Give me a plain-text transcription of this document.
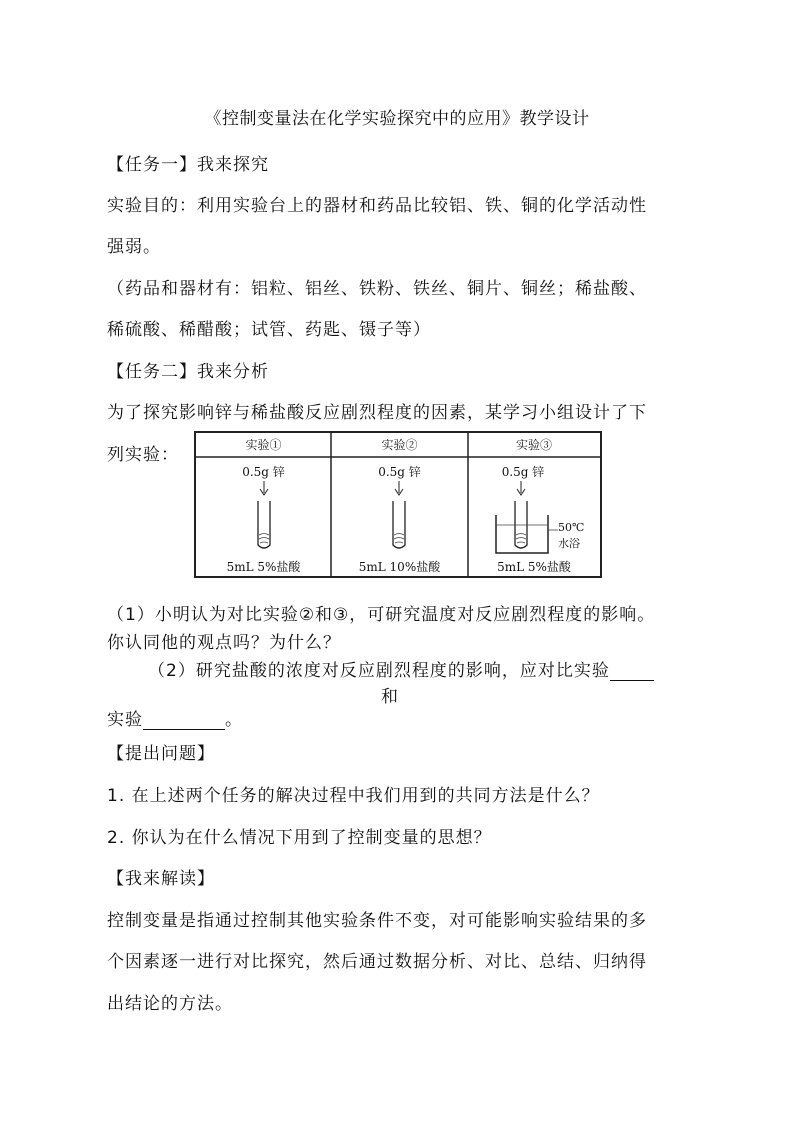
《控制变量法在化学实验探究中的应用》教学设计
【任务一】我来探究
实验目的：利用实验台上的器材和药品比较铝、铁、铜的化学活动性
强弱。
（药品和器材有：铝粒、铝丝、铁粉、铁丝、铜片、铜丝；稀盐酸、
稀硫酸、稀醋酸；试管、药匙、镊子等）
【任务二】我来分析
为了探究影响锌与稀盐酸反应剧烈程度的因素，某学习小组设计了下
列实验：	实验①	实验②	实验③
0.5g 锌	0.5g 锌	0.5g 锌
50℃
水浴
5mL 5%盐酸	5mL 10%盐酸	5mL 5%盐酸
（1）小明认为对比实验②和③，可研究温度对反应剧烈程度的影响。
你认同他的观点吗？为什么？
（2）研究盐酸的浓度对反应剧烈程度的影响，应对比实验
和
实验	。
【提出问题】
1. 在上述两个任务的解决过程中我们用到的共同方法是什么？
2. 你认为在什么情况下用到了控制变量的思想？
【我来解读】
控制变量是指通过控制其他实验条件不变，对可能影响实验结果的多
个因素逐一进行对比探究，然后通过数据分析、对比、总结、归纳得
出结论的方法。
